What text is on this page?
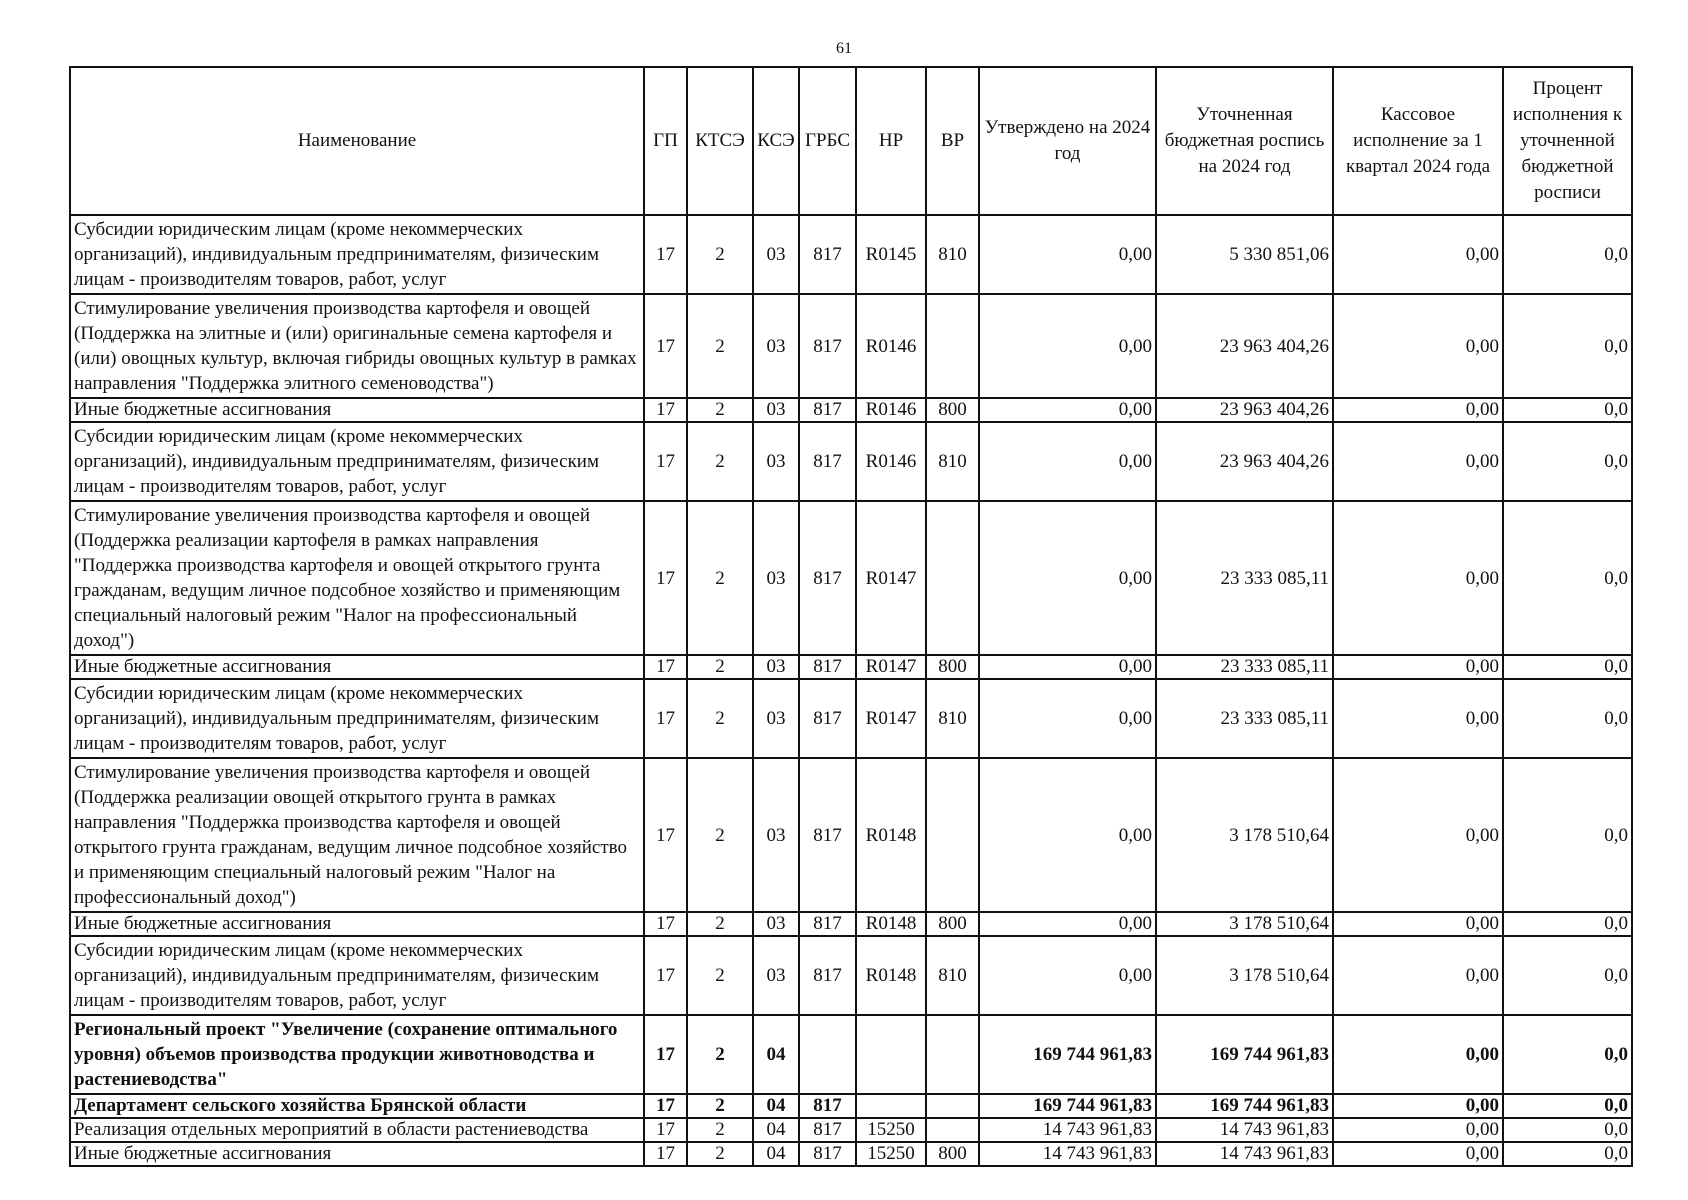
61
Наименование	ГП	КТСЭ	КСЭ	ГРБС	НР	ВР	Утверждено на 2024 год	Уточненная бюджетная роспись на 2024 год	Кассовое исполнение за 1 квартал 2024 года	Процент исполнения к уточненной бюджетной росписи
Субсидии юридическим лицам (кроме некоммерческих организаций), индивидуальным предпринимателям, физическим лицам - производителям товаров, работ, услуг	17	2	03	817	R0145	810	0,00	5 330 851,06	0,00	0,0
Стимулирование увеличения производства картофеля и овощей (Поддержка на элитные и (или) оригинальные семена картофеля и (или) овощных культур, включая гибриды овощных культур в рамках направления "Поддержка элитного семеноводства")	17	2	03	817	R0146		0,00	23 963 404,26	0,00	0,0
Иные бюджетные ассигнования	17	2	03	817	R0146	800	0,00	23 963 404,26	0,00	0,0
Субсидии юридическим лицам (кроме некоммерческих организаций), индивидуальным предпринимателям, физическим лицам - производителям товаров, работ, услуг	17	2	03	817	R0146	810	0,00	23 963 404,26	0,00	0,0
Стимулирование увеличения производства картофеля и овощей (Поддержка реализации картофеля в рамках направления "Поддержка производства картофеля и овощей открытого грунта гражданам, ведущим личное подсобное хозяйство и применяющим специальный налоговый режим "Налог на профессиональный доход")	17	2	03	817	R0147		0,00	23 333 085,11	0,00	0,0
Иные бюджетные ассигнования	17	2	03	817	R0147	800	0,00	23 333 085,11	0,00	0,0
Субсидии юридическим лицам (кроме некоммерческих организаций), индивидуальным предпринимателям, физическим лицам - производителям товаров, работ, услуг	17	2	03	817	R0147	810	0,00	23 333 085,11	0,00	0,0
Стимулирование увеличения производства картофеля и овощей (Поддержка реализации овощей открытого грунта в рамках направления "Поддержка производства картофеля и овощей открытого грунта гражданам, ведущим личное подсобное хозяйство и применяющим специальный налоговый режим "Налог на профессиональный доход")	17	2	03	817	R0148		0,00	3 178 510,64	0,00	0,0
Иные бюджетные ассигнования	17	2	03	817	R0148	800	0,00	3 178 510,64	0,00	0,0
Субсидии юридическим лицам (кроме некоммерческих организаций), индивидуальным предпринимателям, физическим лицам - производителям товаров, работ, услуг	17	2	03	817	R0148	810	0,00	3 178 510,64	0,00	0,0
Региональный проект "Увеличение (сохранение оптимального уровня) объемов производства продукции животноводства и растениеводства"	17	2	04				169 744 961,83	169 744 961,83	0,00	0,0
Департамент сельского хозяйства Брянской области	17	2	04	817			169 744 961,83	169 744 961,83	0,00	0,0
Реализация отдельных мероприятий в области растениеводства	17	2	04	817	15250		14 743 961,83	14 743 961,83	0,00	0,0
Иные бюджетные ассигнования	17	2	04	817	15250	800	14 743 961,83	14 743 961,83	0,00	0,0
